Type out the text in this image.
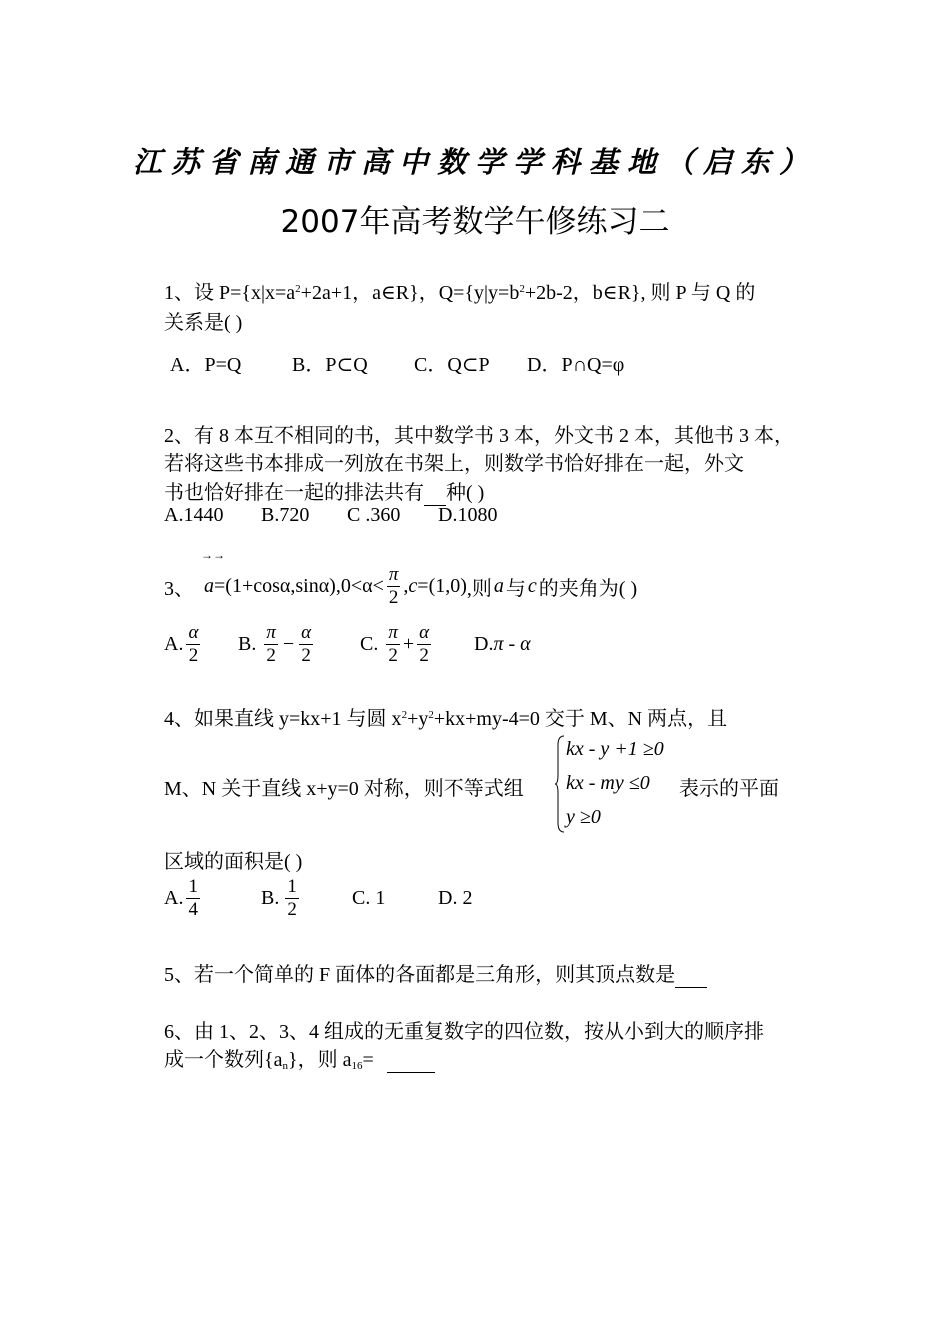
江苏省南通市高中数学学科基地（启东）
2007年高考数学午修练习二
1、设 $P=\{x|x=a^2+2a+1$，a∈R}，$Q=\{y|y=b^2+2b-2$，b∈R}, 则 P 与 Q 的
关系是( )
A．P=Q	B．P⊂Q C．Q⊂P D．P∩Q=φ
2、有 8 本互不相同的书，其中数学书 3 本，外文书 2 本，其他书 3 本，
若将这些书本排成一列放在书架上，则数学书恰好排在一起，外文
书也恰好排在一起的排法共有 种( )
A.1440 B.720 C .360 D.1080
→→
3、 $a =(1+\cos\alpha,\sin\alpha),0<\alpha< \frac{\pi}{2}$ , c =(1,0) ,则 a 与 c 的夹角为( )
A. $\frac{\alpha}{2} B$. $\frac{\pi}{2} - \frac{\alpha}{2} C$. $\frac{\pi}{2} + \frac{\alpha}{2} D$. π - α
4、如果直线 y=kx+1 与圆 $x^2+y^2+kx+my-4=0$ 交于 M、N 两点，且
kx - y +1 ≥0
kx - my ≤0
y ≥0
M、N 关于直线 x+y=0 对称，则不等式组	表示的平面
区域的面积是( )
A. $\frac{1}{4}$	B. $\frac{1}{2}$	C. 1	D. 2
5、若一个简单的 F 面体的各面都是三角形，则其顶点数是
6、由 1、2、3、4 组成的无重复数字的四位数，按从小到大的顺序排
成一个数列$\{a_n\}$，则 $a_{16}=$
